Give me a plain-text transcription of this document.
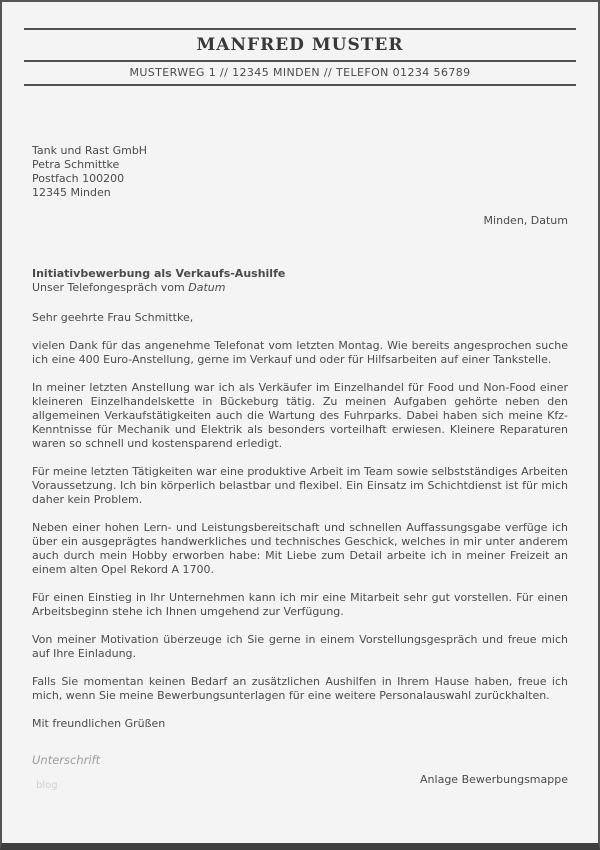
MANFRED MUSTER
MUSTERWEG 1 // 12345 MINDEN // TELEFON 01234 56789
Tank und Rast GmbH
Petra Schmittke
Postfach 100200
12345 Minden
Minden, Datum
Initiativbewerbung als Verkaufs-Aushilfe
Unser Telefongespräch vom Datum

Sehr geehrte Frau Schmittke,

vielen Dank für das angenehme Telefonat vom letzten Montag. Wie bereits angesprochen suche ich eine 400 Euro-Anstellung, gerne im Verkauf und oder für Hilfsarbeiten auf einer Tankstelle.

In meiner letzten Anstellung war ich als Verkäufer im Einzelhandel für Food und Non-Food einer kleineren Einzelhandelskette in Bückeburg tätig. Zu meinen Aufgaben gehörte neben den allgemeinen Verkaufstätigkeiten auch die Wartung des Fuhrparks. Dabei haben sich meine Kfz-Kenntnisse für Mechanik und Elektrik als besonders vorteilhaft erwiesen. Kleinere Reparaturen waren so schnell und kostensparend erledigt.

Für meine letzten Tätigkeiten war eine produktive Arbeit im Team sowie selbstständiges Arbeiten Voraussetzung. Ich bin körperlich belastbar und flexibel. Ein Einsatz im Schichtdienst ist für mich daher kein Problem.

Neben einer hohen Lern- und Leistungsbereitschaft und schnellen Auffassungsgabe verfüge ich über ein ausgeprägtes handwerkliches und technisches Geschick, welches in mir unter anderem auch durch mein Hobby erworben habe: Mit Liebe zum Detail arbeite ich in meiner Freizeit an einem alten Opel Rekord A 1700.

Für einen Einstieg in Ihr Unternehmen kann ich mir eine Mitarbeit sehr gut vorstellen. Für einen Arbeitsbeginn stehe ich Ihnen umgehend zur Verfügung.

Von meiner Motivation überzeuge ich Sie gerne in einem Vorstellungsgespräch und freue mich auf Ihre Einladung.

Falls Sie momentan keinen Bedarf an zusätzlichen Aushilfen in Ihrem Hause haben, freue ich mich, wenn Sie meine Bewerbungsunterlagen für eine weitere Personalauswahl zurückhalten.

Mit freundlichen Grüßen

Unterschrift
blog	Anlage Bewerbungsmappe
